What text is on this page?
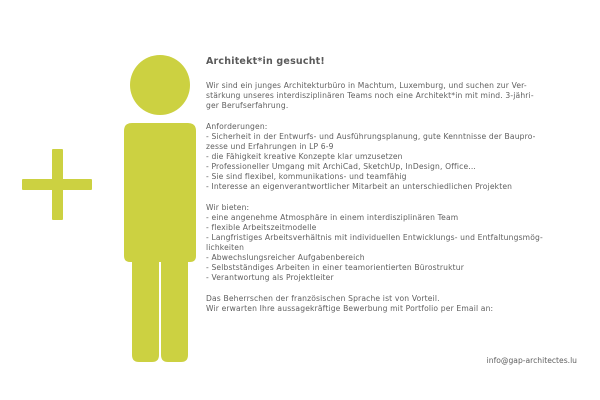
Architekt*in gesucht!
Wir sind ein junges Architekturbüro in Machtum, Luxemburg, und suchen zur Ver-
stärkung unseres interdisziplinären Teams noch eine Architekt*in mit mind. 3-jähri-
ger Berufserfahrung.
Anforderungen:
- Sicherheit in der Entwurfs- und Ausführungsplanung, gute Kenntnisse der Baupro-
zesse und Erfahrungen in LP 6-9
- die Fähigkeit kreative Konzepte klar umzusetzen
- Professioneller Umgang mit ArchiCad, SketchUp, InDesign, Office...
- Sie sind flexibel, kommunikations- und teamfähig
- Interesse an eigenverantwortlicher Mitarbeit an unterschiedlichen Projekten
Wir bieten:
- eine angenehme Atmosphäre in einem interdisziplinären Team
- flexible Arbeitszeitmodelle
- Langfristiges Arbeitsverhältnis mit individuellen Entwicklungs- und Entfaltungsmög-
lichkeiten
- Abwechslungsreicher Aufgabenbereich
- Selbstständiges Arbeiten in einer teamorientierten Bürostruktur
- Verantwortung als Projektleiter
Das Beherrschen der französischen Sprache ist von Vorteil.
Wir erwarten Ihre aussagekräftige Bewerbung mit Portfolio per Email an:
info@gap-architectes.lu
